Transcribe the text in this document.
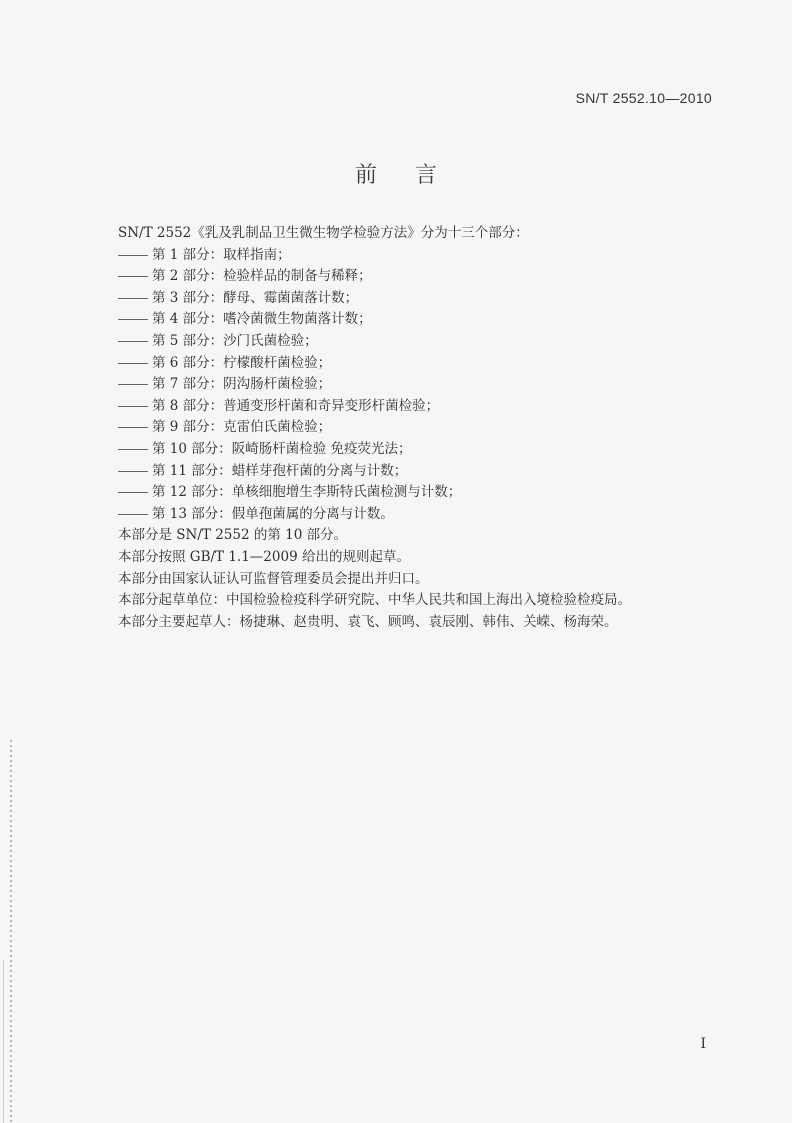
SN/T 2552.10—2010
前言
SN/T 2552《乳及乳制品卫生微生物学检验方法》分为十三个部分：
第 1 部分：取样指南；
第 2 部分：检验样品的制备与稀释；
第 3 部分：酵母、霉菌菌落计数；
第 4 部分：嗜冷菌微生物菌落计数；
第 5 部分：沙门氏菌检验；
第 6 部分：柠檬酸杆菌检验；
第 7 部分：阴沟肠杆菌检验；
第 8 部分：普通变形杆菌和奇异变形杆菌检验；
第 9 部分：克雷伯氏菌检验；
第 10 部分：阪崎肠杆菌检验 免疫荧光法；
第 11 部分：蜡样芽孢杆菌的分离与计数；
第 12 部分：单核细胞增生李斯特氏菌检测与计数；
第 13 部分：假单孢菌属的分离与计数。
本部分是 SN/T 2552 的第 10 部分。
本部分按照 GB/T 1.1—2009 给出的规则起草。
本部分由国家认证认可监督管理委员会提出并归口。
本部分起草单位：中国检验检疫科学研究院、中华人民共和国上海出入境检验检疫局。
本部分主要起草人：杨捷琳、赵贵明、袁飞、顾鸣、袁辰刚、韩伟、关嵘、杨海荣。
I
